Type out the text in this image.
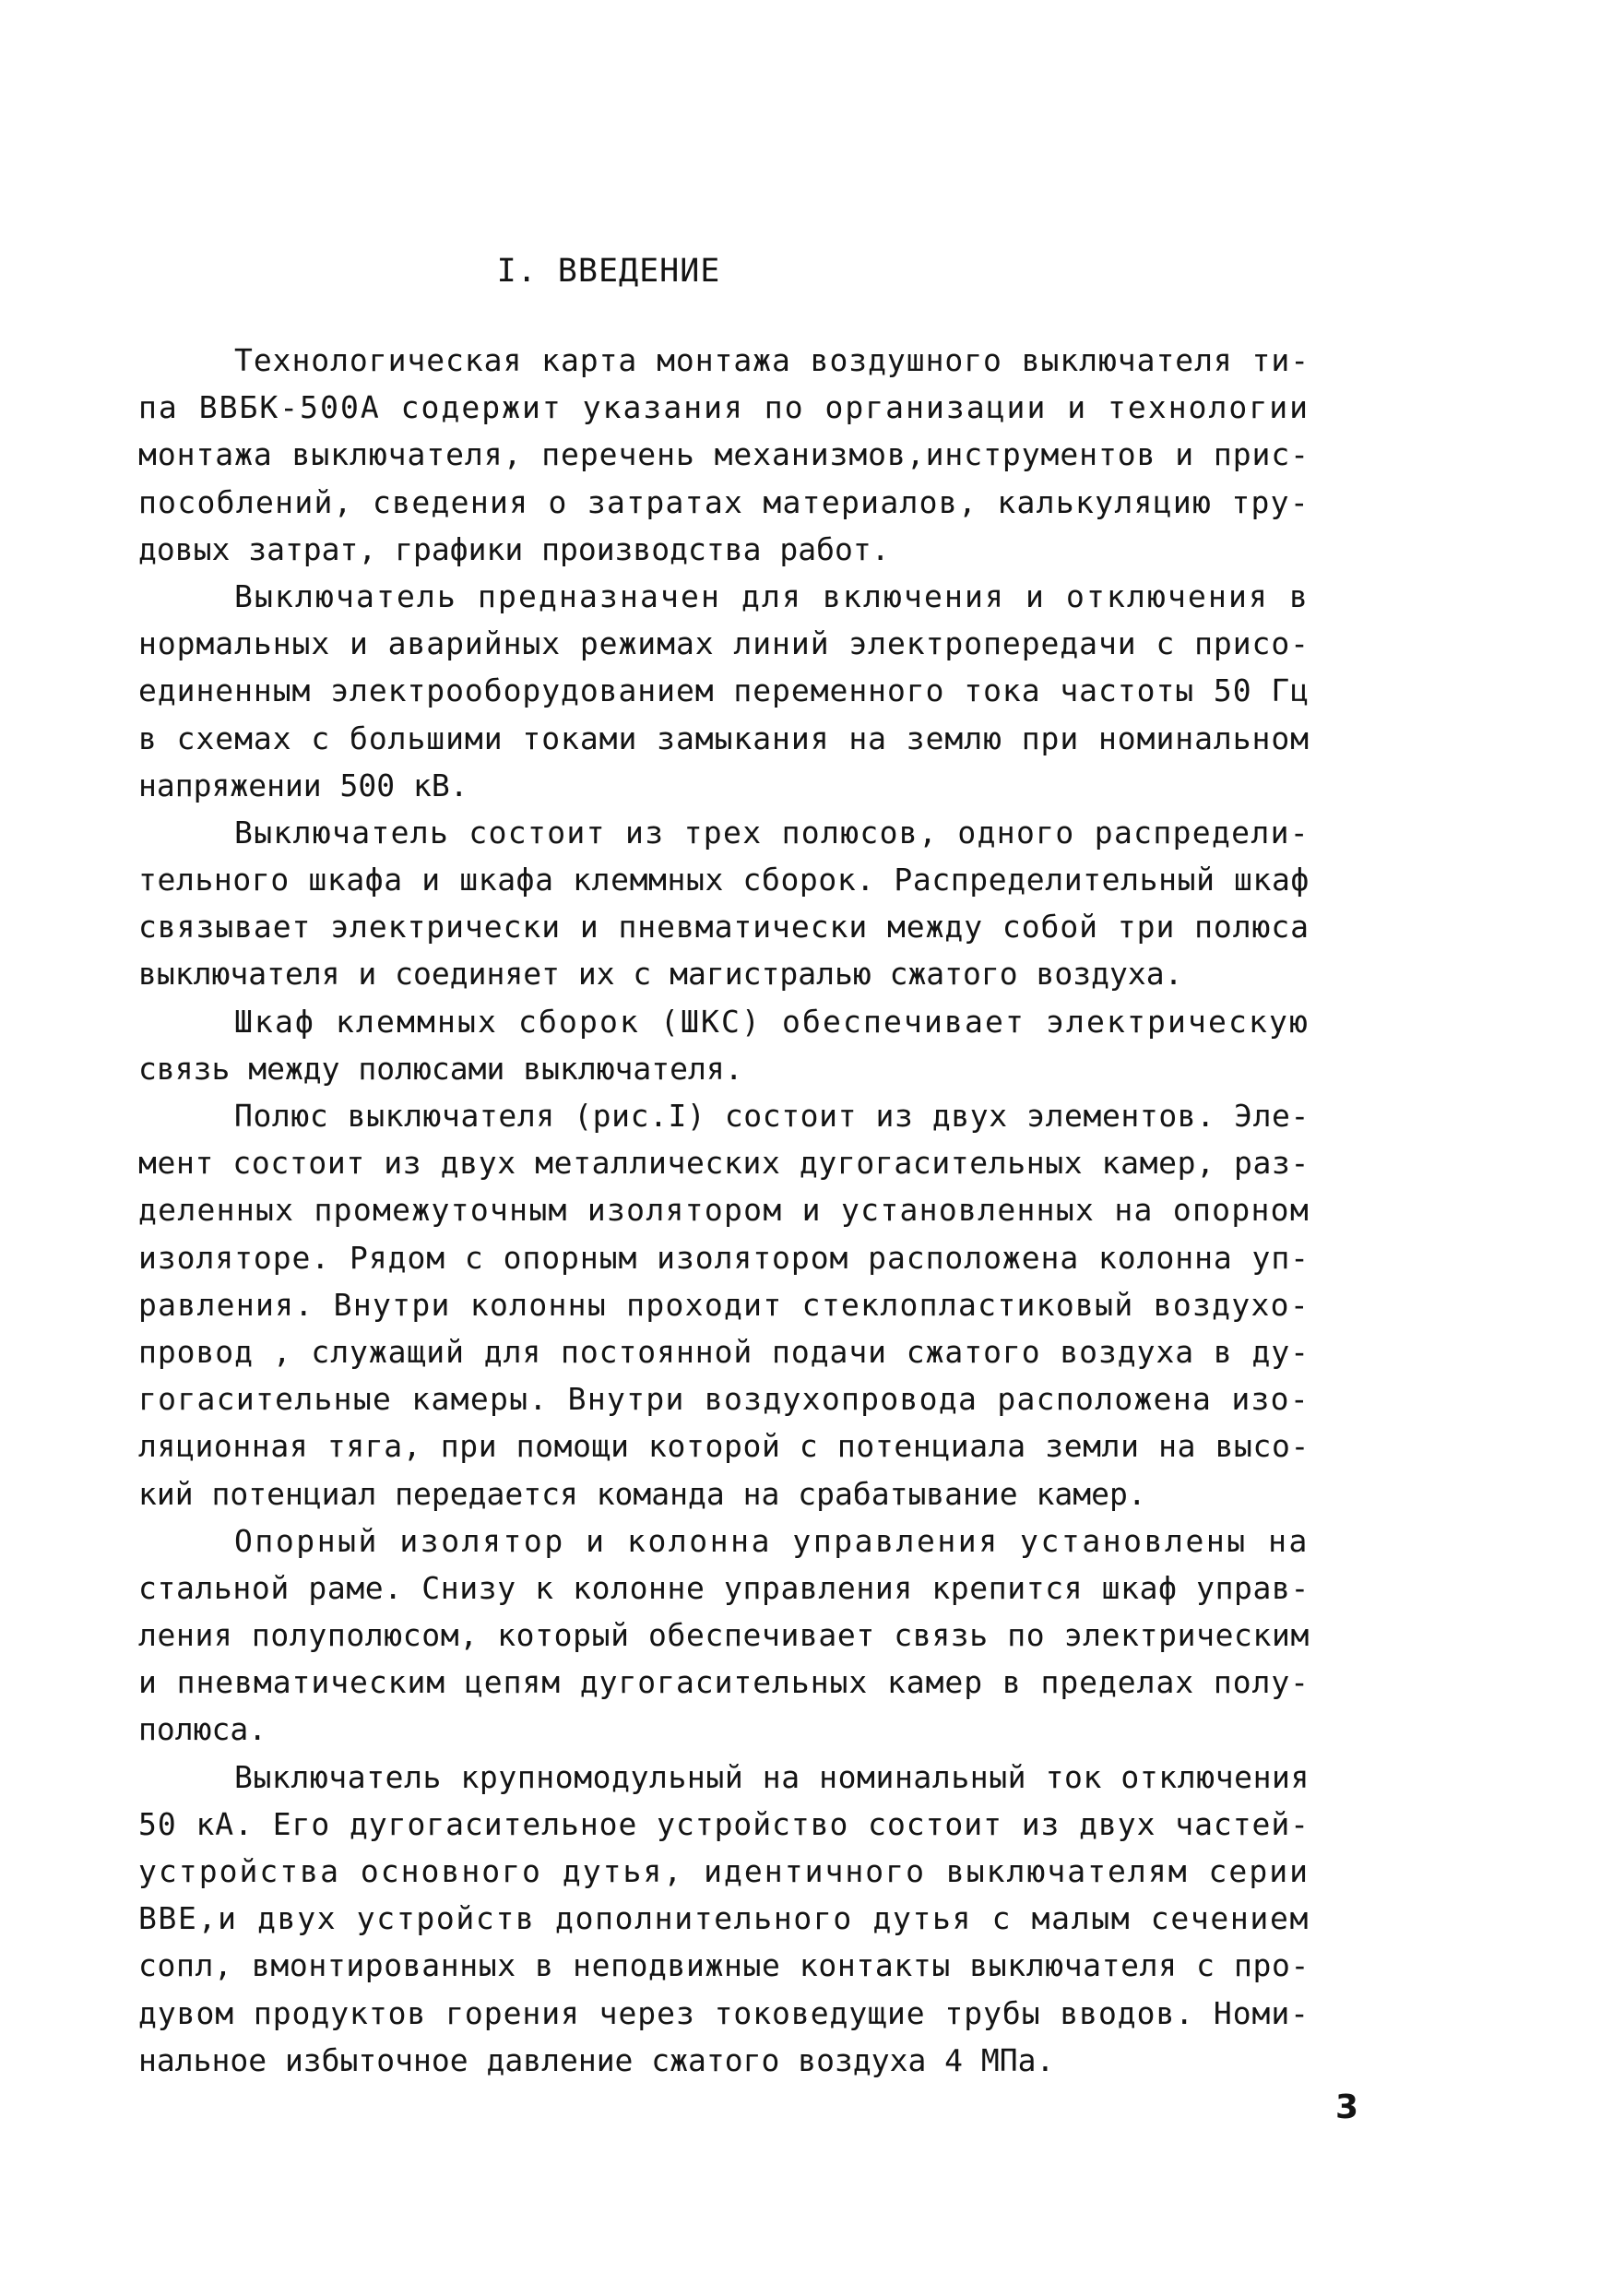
I. ВВЕДЕНИЕ
Технологическая карта монтажа воздушного выключателя ти-
па ВВБК-500А содержит указания по организации и технологии
монтажа выключателя, перечень механизмов,инструментов и прис-
пособлений, сведения о затратах материалов, калькуляцию тру-
довых затрат, графики производства работ.
Выключатель предназначен для включения и отключения в
нормальных и аварийных режимах линий электропередачи с присо-
единенным электрооборудованием переменного тока частоты 50 Гц
в схемах с большими токами замыкания на землю при номинальном
напряжении 500 кВ.
Выключатель состоит из трех полюсов, одного распредели-
тельного шкафа и шкафа клеммных сборок. Распределительный шкаф
связывает электрически и пневматически между собой три полюса
выключателя и соединяет их с магистралью сжатого воздуха.
Шкаф клеммных сборок (ШКС) обеспечивает электрическую
связь между полюсами выключателя.
Полюс выключателя (рис.I) состоит из двух элементов. Эле-
мент состоит из двух металлических дугогасительных камер, раз-
деленных промежуточным изолятором и установленных на опорном
изоляторе. Рядом с опорным изолятором расположена колонна уп-
равления. Внутри колонны проходит стеклопластиковый воздухо-
провод , служащий для постоянной подачи сжатого воздуха в ду-
гогасительные камеры. Внутри воздухопровода расположена изо-
ляционная тяга, при помощи которой с потенциала земли на высо-
кий потенциал передается команда на срабатывание камер.
Опорный изолятор и колонна управления установлены на
стальной раме. Снизу к колонне управления крепится шкаф управ-
ления полуполюсом, который обеспечивает связь по электрическим
и пневматическим цепям дугогасительных камер в пределах полу-
полюса.
Выключатель крупномодульный на номинальный ток отключения
50 кА. Его дугогасительное устройство состоит из двух частей-
устройства основного дутья, идентичного выключателям серии
ВВЕ,и двух устройств дополнительного дутья с малым сечением
сопл, вмонтированных в неподвижные контакты выключателя с про-
дувом продуктов горения через токоведущие трубы вводов. Номи-
нальное избыточное давление сжатого воздуха 4 МПа.
3
